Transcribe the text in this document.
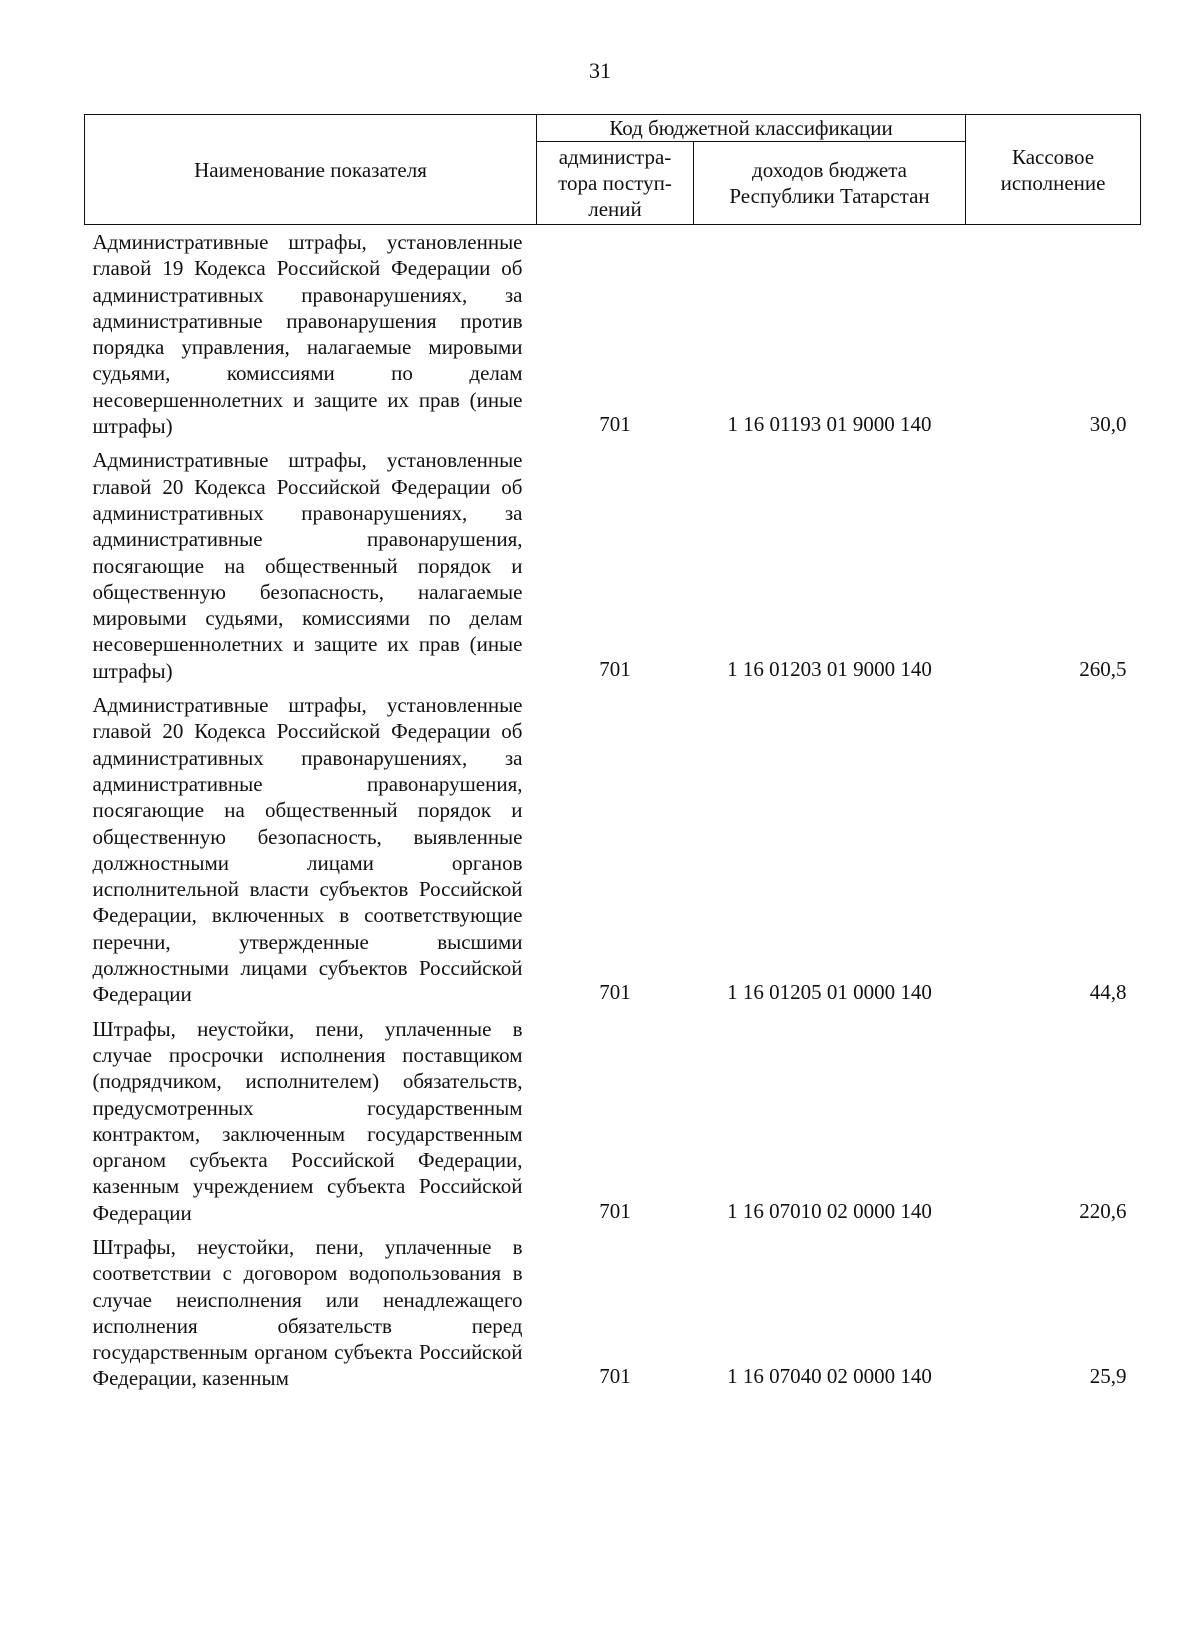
31
Наименование показателя	Код бюджетной классификации		Кассовое исполнение
	администра-тора поступ-лений	доходов бюджета Республики Татарстан	
Административные штрафы, установленные главой 19 Кодекса Российской Федерации об административных правонарушениях, за административные правонарушения против порядка управления, налагаемые мировыми судьями, комиссиями по делам несовершеннолетних и защите их прав (иные штрафы)	701	1 16 01193 01 9000 140	30,0
Административные штрафы, установленные главой 20 Кодекса Российской Федерации об административных правонарушениях, за административные правонарушения, посягающие на общественный порядок и общественную безопасность, налагаемые мировыми судьями, комиссиями по делам несовершеннолетних и защите их прав (иные штрафы)	701	1 16 01203 01 9000 140	260,5
Административные штрафы, установленные главой 20 Кодекса Российской Федерации об административных правонарушениях, за административные правонарушения, посягающие на общественный порядок и общественную безопасность, выявленные должностными лицами органов исполнительной власти субъектов Российской Федерации, включенных в соответствующие перечни, утвержденные высшими должностными лицами субъектов Российской Федерации	701	1 16 01205 01 0000 140	44,8
Штрафы, неустойки, пени, уплаченные в случае просрочки исполнения поставщиком (подрядчиком, исполнителем) обязательств, предусмотренных государственным контрактом, заключенным государственным органом субъекта Российской Федерации, казенным учреждением субъекта Российской Федерации	701	1 16 07010 02 0000 140	220,6
Штрафы, неустойки, пени, уплаченные в соответствии с договором водопользования в случае неисполнения или ненадлежащего исполнения обязательств перед государственным органом субъекта Российской Федерации, казенным	701	1 16 07040 02 0000 140	25,9
